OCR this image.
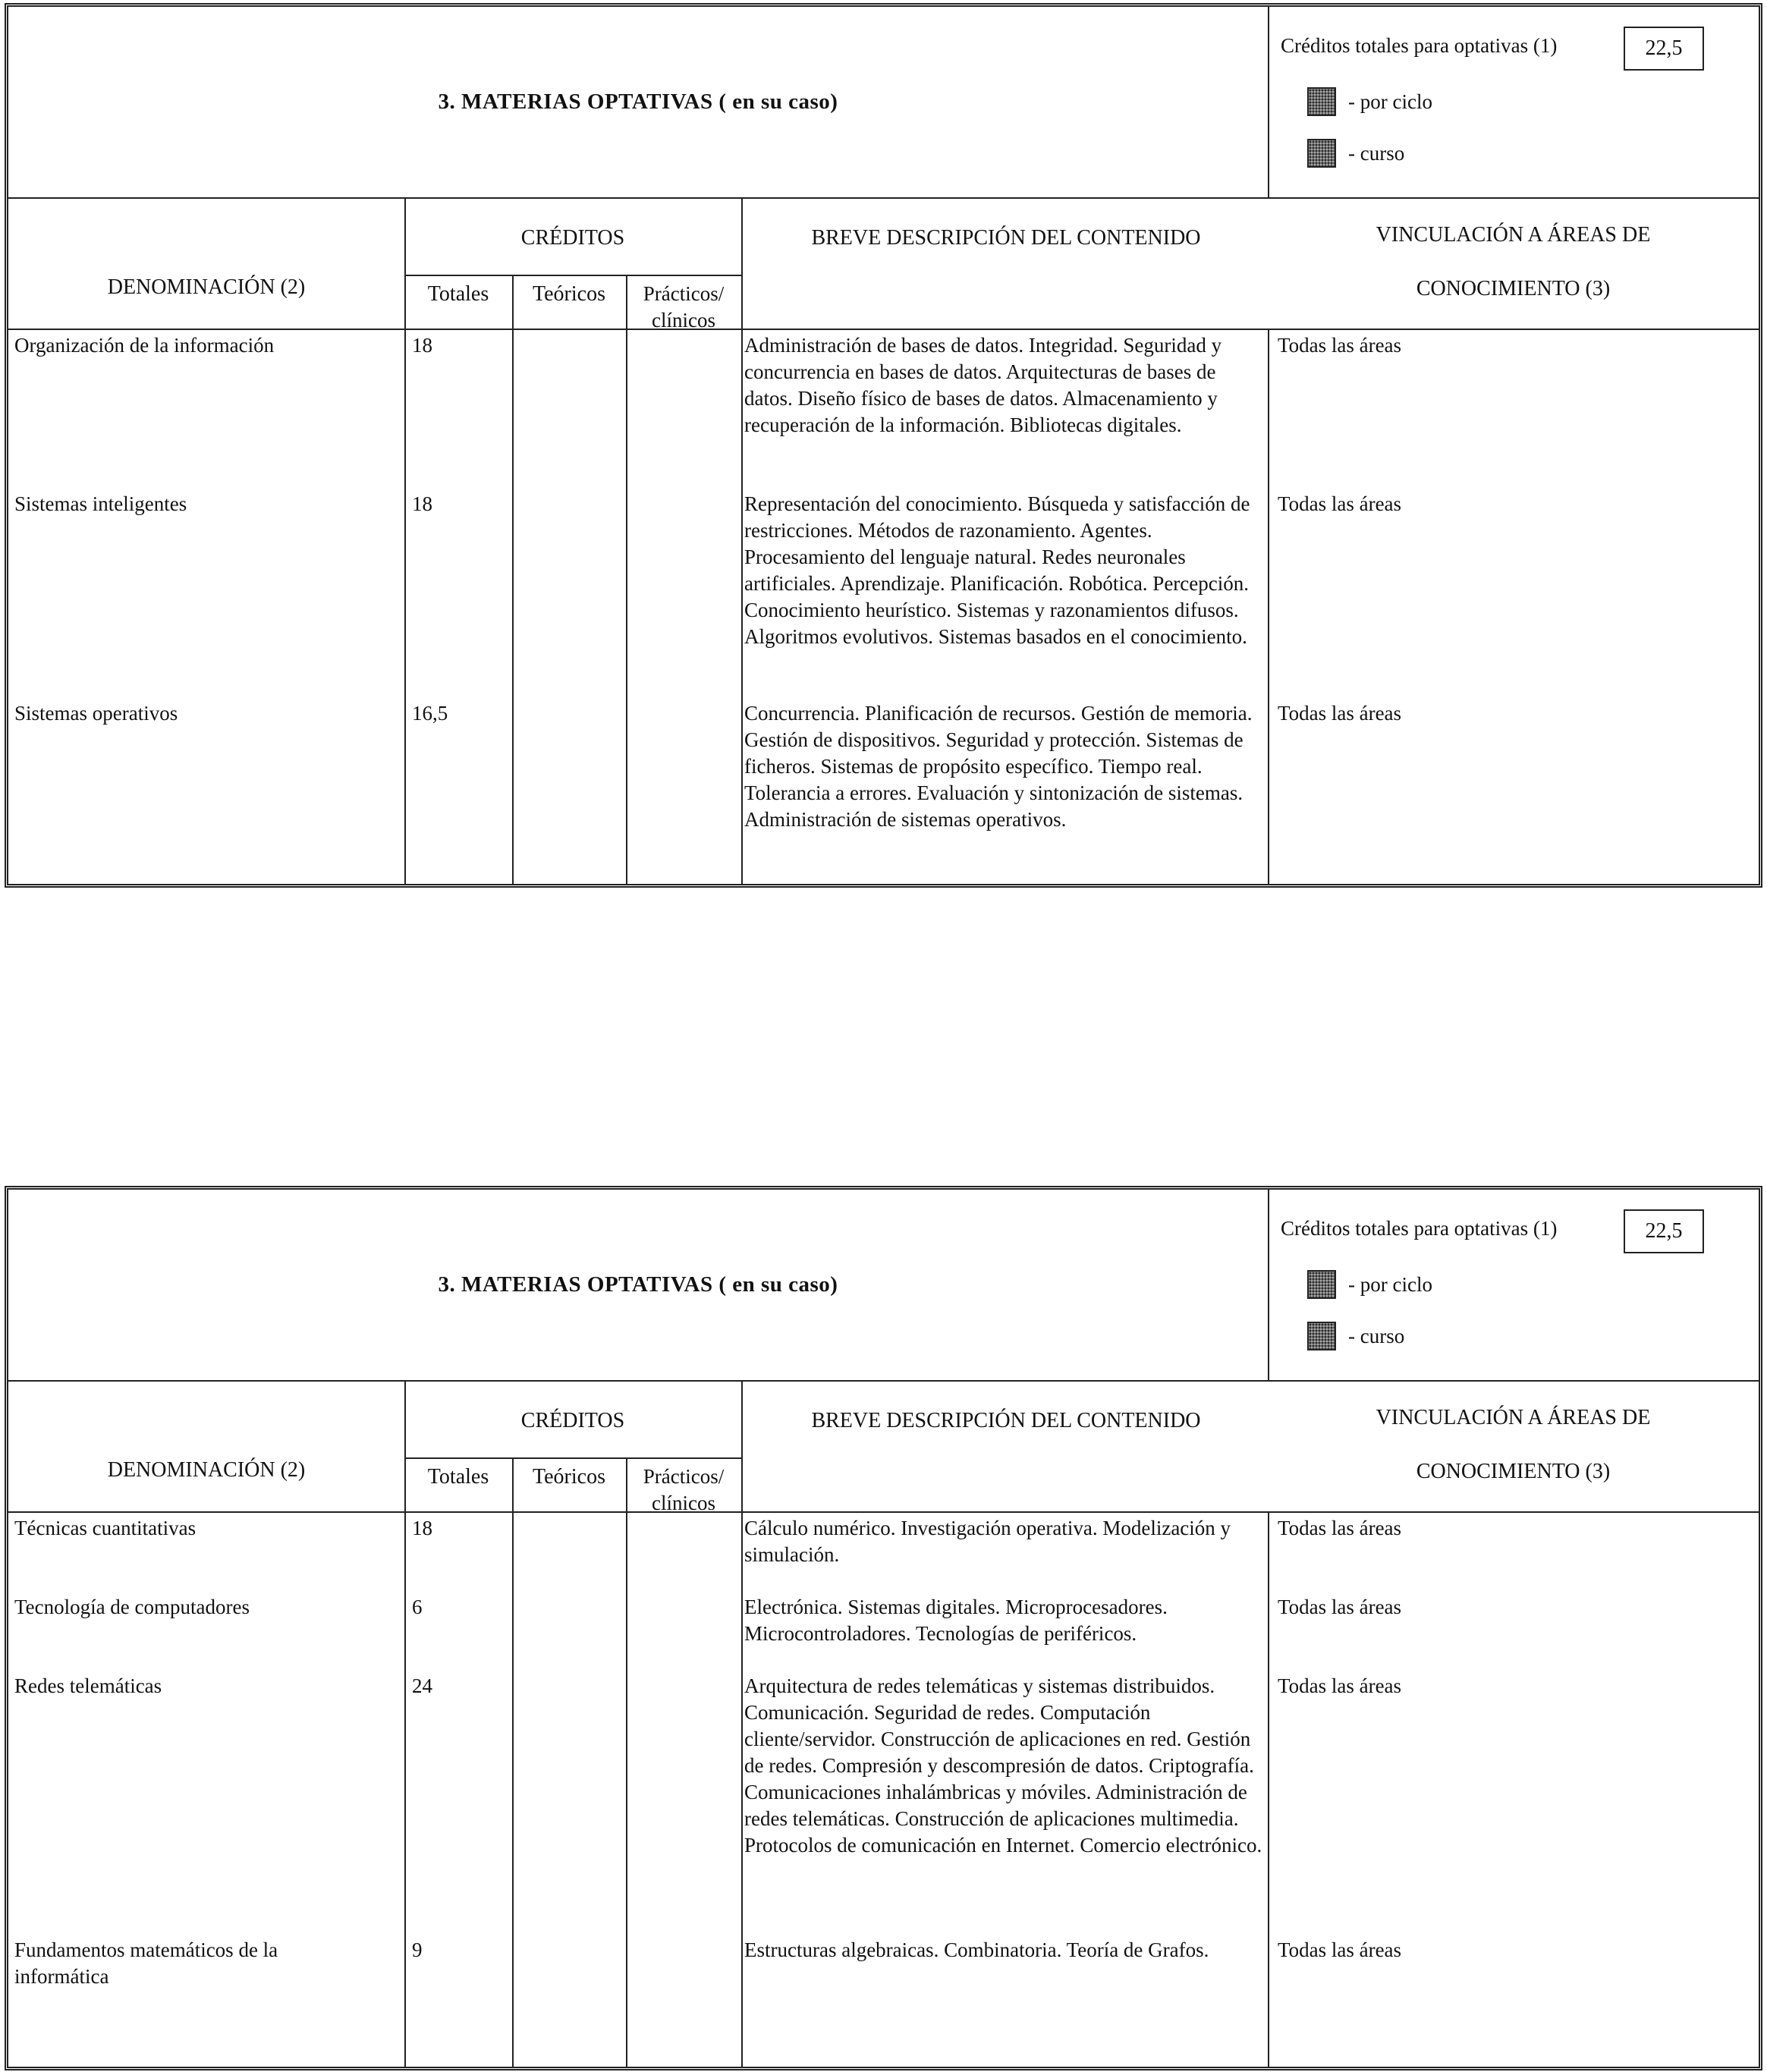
3. MATERIAS OPTATIVAS ( en su caso)
Créditos totales para optativas (1)	22,5
- por ciclo
- curso
DENOMINACIÓN (2)
CRÉDITOS
Totales	Teóricos	Prácticos/ clínicos
BREVE DESCRIPCIÓN DEL CONTENIDO	VINCULACIÓN A ÁREAS DE
CONOCIMIENTO (3)
Organización de la información	18	Administración de bases de datos. Integridad. Seguridad y concurrencia en bases de datos. Arquitecturas de bases de datos. Diseño físico de bases de datos. Almacenamiento y recuperación de la información. Bibliotecas digitales.
Todas las áreas
Sistemas inteligentes	18	Representación del conocimiento. Búsqueda y satisfacción de restricciones. Métodos de razonamiento. Agentes. Procesamiento del lenguaje natural. Redes neuronales artificiales. Aprendizaje. Planificación. Robótica. Percepción. Conocimiento heurístico. Sistemas y razonamientos difusos. Algoritmos evolutivos. Sistemas basados en el conocimiento.
Todas las áreas
Sistemas operativos	16,5	Concurrencia. Planificación de recursos. Gestión de memoria. Gestión de dispositivos. Seguridad y protección. Sistemas de ficheros. Sistemas de propósito específico. Tiempo real. Tolerancia a errores. Evaluación y sintonización de sistemas. Administración de sistemas operativos.
Todas las áreas
3. MATERIAS OPTATIVAS ( en su caso)
Créditos totales para optativas (1)	22,5
- por ciclo
- curso
DENOMINACIÓN (2)
CRÉDITOS
Totales	Teóricos	Prácticos/ clínicos
BREVE DESCRIPCIÓN DEL CONTENIDO	VINCULACIÓN A ÁREAS DE
CONOCIMIENTO (3)
Técnicas cuantitativas	18	Cálculo numérico. Investigación operativa. Modelización y simulación.
Todas las áreas
Tecnología de computadores	6	Electrónica. Sistemas digitales. Microprocesadores. Microcontroladores. Tecnologías de periféricos.
Todas las áreas
Redes telemáticas	24	Arquitectura de redes telemáticas y sistemas distribuidos. Comunicación. Seguridad de redes. Computación cliente/servidor. Construcción de aplicaciones en red. Gestión de redes. Compresión y descompresión de datos. Criptografía. Comunicaciones inhalámbricas y móviles. Administración de redes telemáticas. Construcción de aplicaciones multimedia. Protocolos de comunicación en Internet. Comercio electrónico.
Todas las áreas
Fundamentos matemáticos de la informática
9	Estructuras algebraicas. Combinatoria. Teoría de Grafos.	Todas las áreas
